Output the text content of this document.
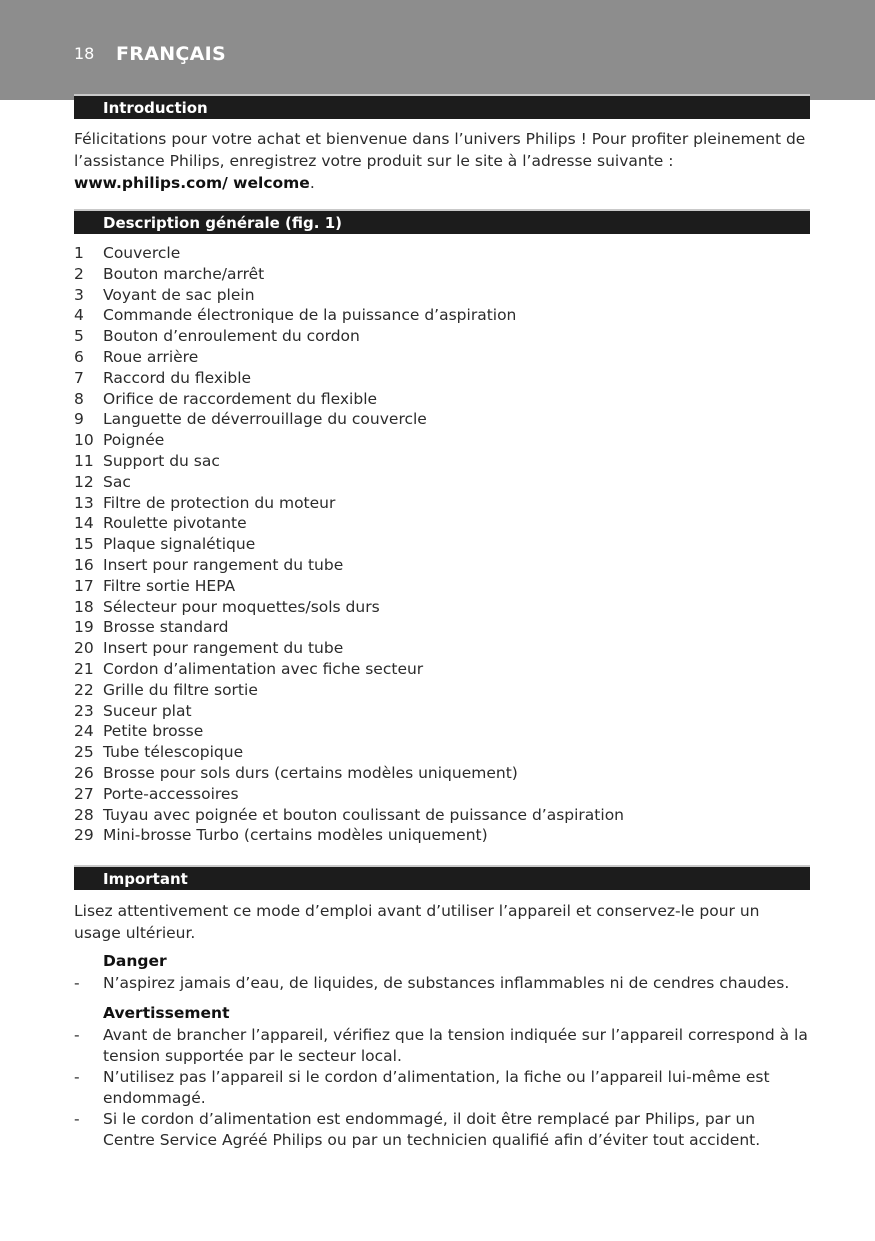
18 FRANÇAIS
Introduction
Félicitations pour votre achat et bienvenue dans l’univers Philips ! Pour profiter pleinement de l’assistance Philips, enregistrez votre produit sur le site à l’adresse suivante : www.philips.com/ welcome.
Description générale (fig. 1)
1	Couvercle
2	Bouton marche/arrêt
3	Voyant de sac plein
4	Commande électronique de la puissance d’aspiration
5	Bouton d’enroulement du cordon
6	Roue arrière
7	Raccord du flexible
8	Orifice de raccordement du flexible
9	Languette de déverrouillage du couvercle
10 Poignée
11 Support du sac
12 Sac
13 Filtre de protection du moteur
14 Roulette pivotante
15 Plaque signalétique
16 Insert pour rangement du tube
17 Filtre sortie HEPA
18 Sélecteur pour moquettes/sols durs
19 Brosse standard
20 Insert pour rangement du tube
21 Cordon d’alimentation avec fiche secteur
22 Grille du filtre sortie
23 Suceur plat
24 Petite brosse
25 Tube télescopique
26 Brosse pour sols durs (certains modèles uniquement)
27 Porte-accessoires
28 Tuyau avec poignée et bouton coulissant de puissance d’aspiration
29 Mini-brosse Turbo (certains modèles uniquement)
Important
Lisez attentivement ce mode d’emploi avant d’utiliser l’appareil et conservez-le pour un usage ultérieur.
Danger
- N’aspirez jamais d’eau, de liquides, de substances inflammables ni de cendres chaudes.
Avertissement
- Avant de brancher l’appareil, vérifiez que la tension indiquée sur l’appareil correspond à la tension supportée par le secteur local.
- N’utilisez pas l’appareil si le cordon d’alimentation, la fiche ou l’appareil lui-même est endommagé.
- Si le cordon d’alimentation est endommagé, il doit être remplacé par Philips, par un Centre Service Agréé Philips ou par un technicien qualifié afin d’éviter tout accident.
